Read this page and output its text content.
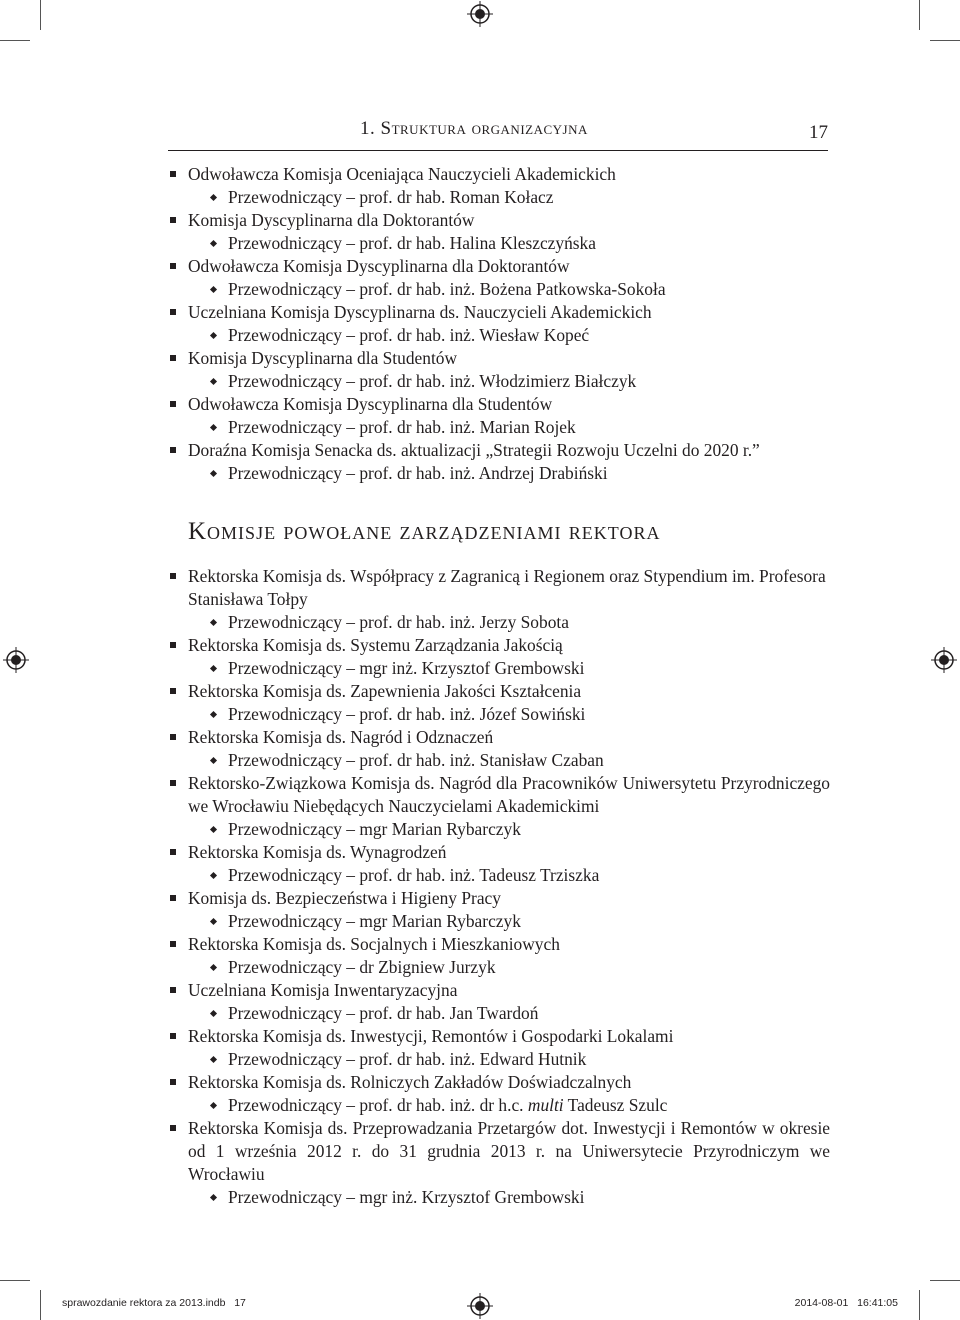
1. Struktura organizacyjna	17
Odwoławcza Komisja Oceniająca Nauczycieli Akademickich
Przewodniczący – prof. dr hab. Roman Kołacz
Komisja Dyscyplinarna dla Doktorantów
Przewodniczący – prof. dr hab. Halina Kleszczyńska
Odwoławcza Komisja Dyscyplinarna dla Doktorantów
Przewodniczący – prof. dr hab. inż. Bożena Patkowska-Sokoła
Uczelniana Komisja Dyscyplinarna ds. Nauczycieli Akademickich
Przewodniczący – prof. dr hab. inż. Wiesław Kopeć
Komisja Dyscyplinarna dla Studentów
Przewodniczący – prof. dr hab. inż. Włodzimierz Białczyk
Odwoławcza Komisja Dyscyplinarna dla Studentów
Przewodniczący – prof. dr hab. inż. Marian Rojek
Doraźna Komisja Senacka ds. aktualizacji „Strategii Rozwoju Uczelni do 2020 r.”
Przewodniczący – prof. dr hab. inż. Andrzej Drabiński
Komisje powołane zarządzeniami rektora
Rektorska Komisja ds. Współpracy z Zagranicą i Regionem oraz Stypendium im. Profesora Stanisława Tołpy
Przewodniczący – prof. dr hab. inż. Jerzy Sobota
Rektorska Komisja ds. Systemu Zarządzania Jakością
Przewodniczący – mgr inż. Krzysztof Grembowski
Rektorska Komisja ds. Zapewnienia Jakości Kształcenia
Przewodniczący – prof. dr hab. inż. Józef Sowiński
Rektorska Komisja ds. Nagród i Odznaczeń
Przewodniczący – prof. dr hab. inż. Stanisław Czaban
Rektorsko-Związkowa Komisja ds. Nagród dla Pracowników Uniwersytetu Przyrodniczego we Wrocławiu Niebędących Nauczycielami Akademickimi
Przewodniczący – mgr Marian Rybarczyk
Rektorska Komisja ds. Wynagrodzeń
Przewodniczący – prof. dr hab. inż. Tadeusz Trziszka
Komisja ds. Bezpieczeństwa i Higieny Pracy
Przewodniczący – mgr Marian Rybarczyk
Rektorska Komisja ds. Socjalnych i Mieszkaniowych
Przewodniczący – dr Zbigniew Jurzyk
Uczelniana Komisja Inwentaryzacyjna
Przewodniczący – prof. dr hab. Jan Twardoń
Rektorska Komisja ds. Inwestycji, Remontów i Gospodarki Lokalami
Przewodniczący – prof. dr hab. inż. Edward Hutnik
Rektorska Komisja ds. Rolniczych Zakładów Doświadczalnych
Przewodniczący – prof. dr hab. inż. dr h.c. multi Tadeusz Szulc
Rektorska Komisja ds. Przeprowadzania Przetargów dot. Inwestycji i Remontów w okresie od 1 września 2012 r. do 31 grudnia 2013 r. na Uniwersytecie Przyrodniczym we Wrocławiu
Przewodniczący – mgr inż. Krzysztof Grembowski
sprawozdanie rektora za 2013.indb   17	2014-08-01   16:41:05
